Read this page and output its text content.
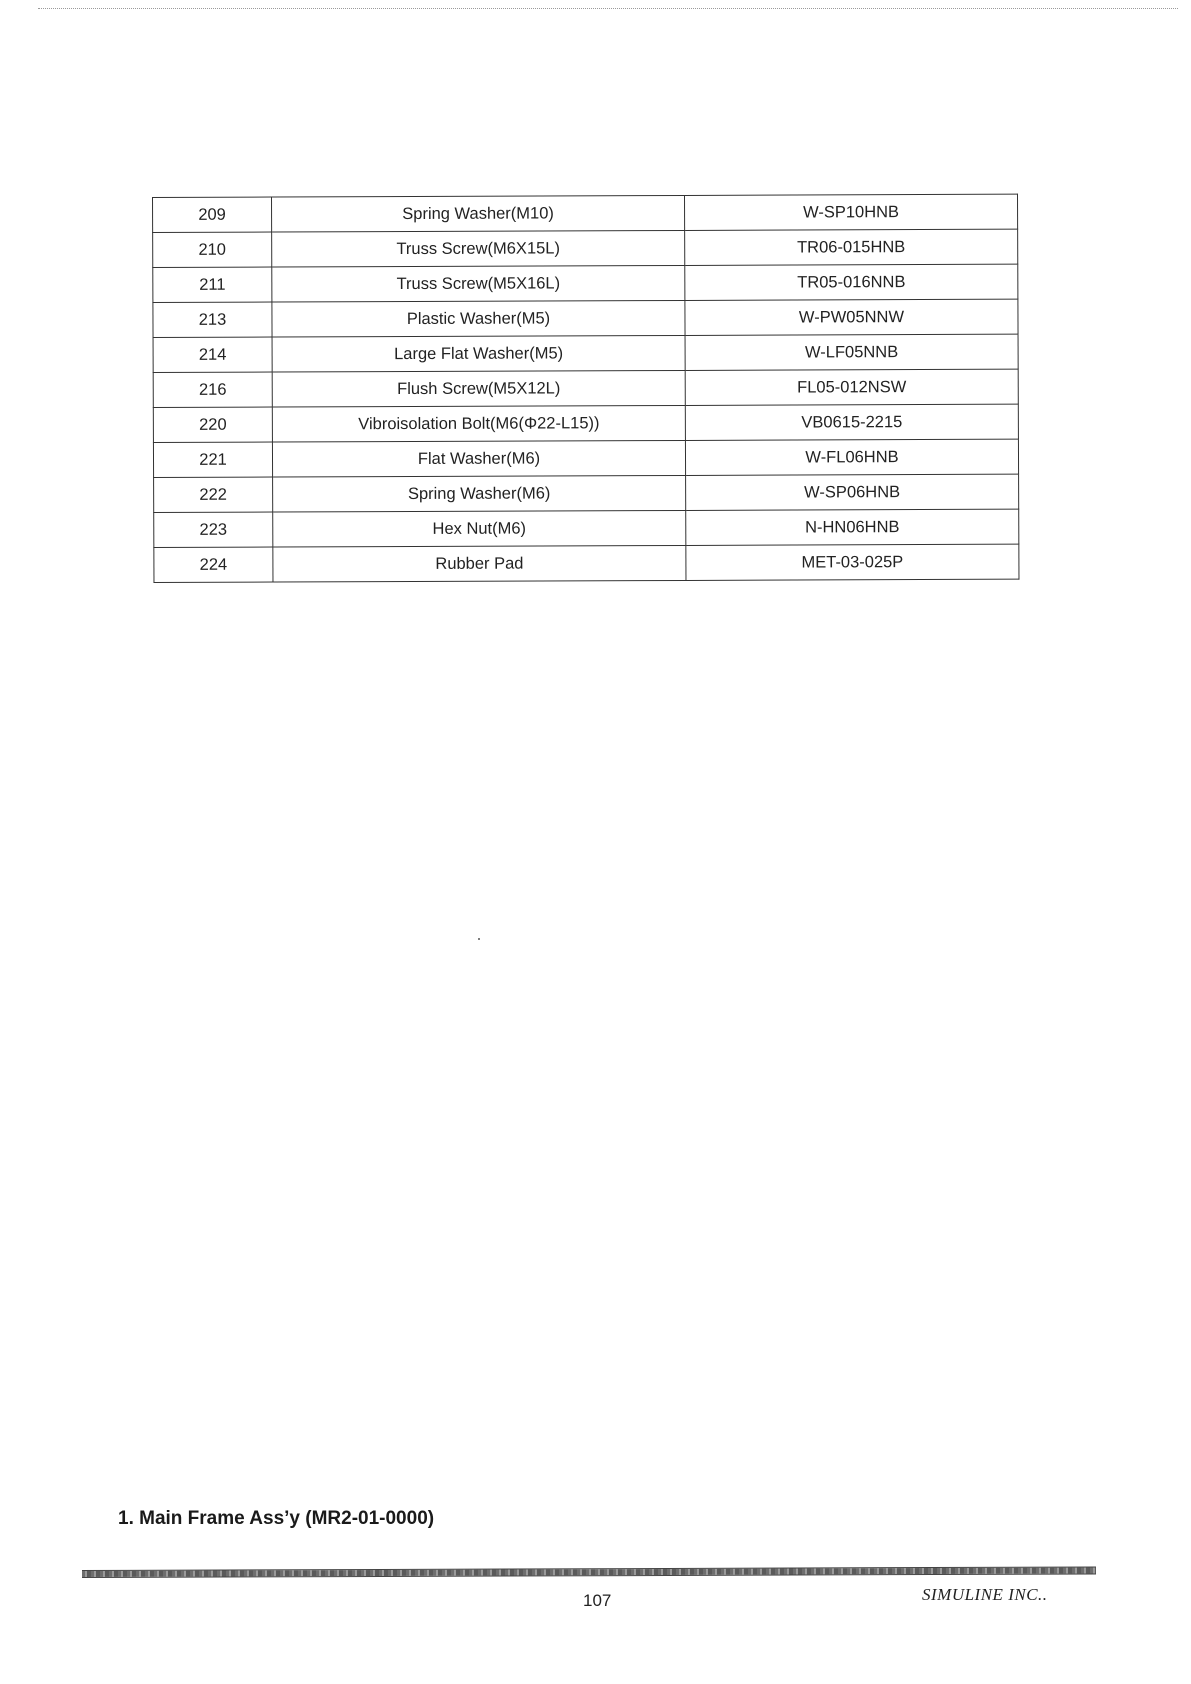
209	Spring Washer(M10)	W-SP10HNB
210	Truss Screw(M6X15L)	TR06-015HNB
211	Truss Screw(M5X16L)	TR05-016NNB
213	Plastic Washer(M5)	W-PW05NNW
214	Large Flat Washer(M5)	W-LF05NNB
216	Flush Screw(M5X12L)	FL05-012NSW
220	Vibroisolation Bolt(M6(Φ22-L15))	VB0615-2215
221	Flat Washer(M6)	W-FL06HNB
222	Spring Washer(M6)	W-SP06HNB
223	Hex Nut(M6)	N-HN06HNB
224	Rubber Pad	MET-03-025P
1. Main Frame Ass’y (MR2-01-0000)
107	SIMULINE INC..
